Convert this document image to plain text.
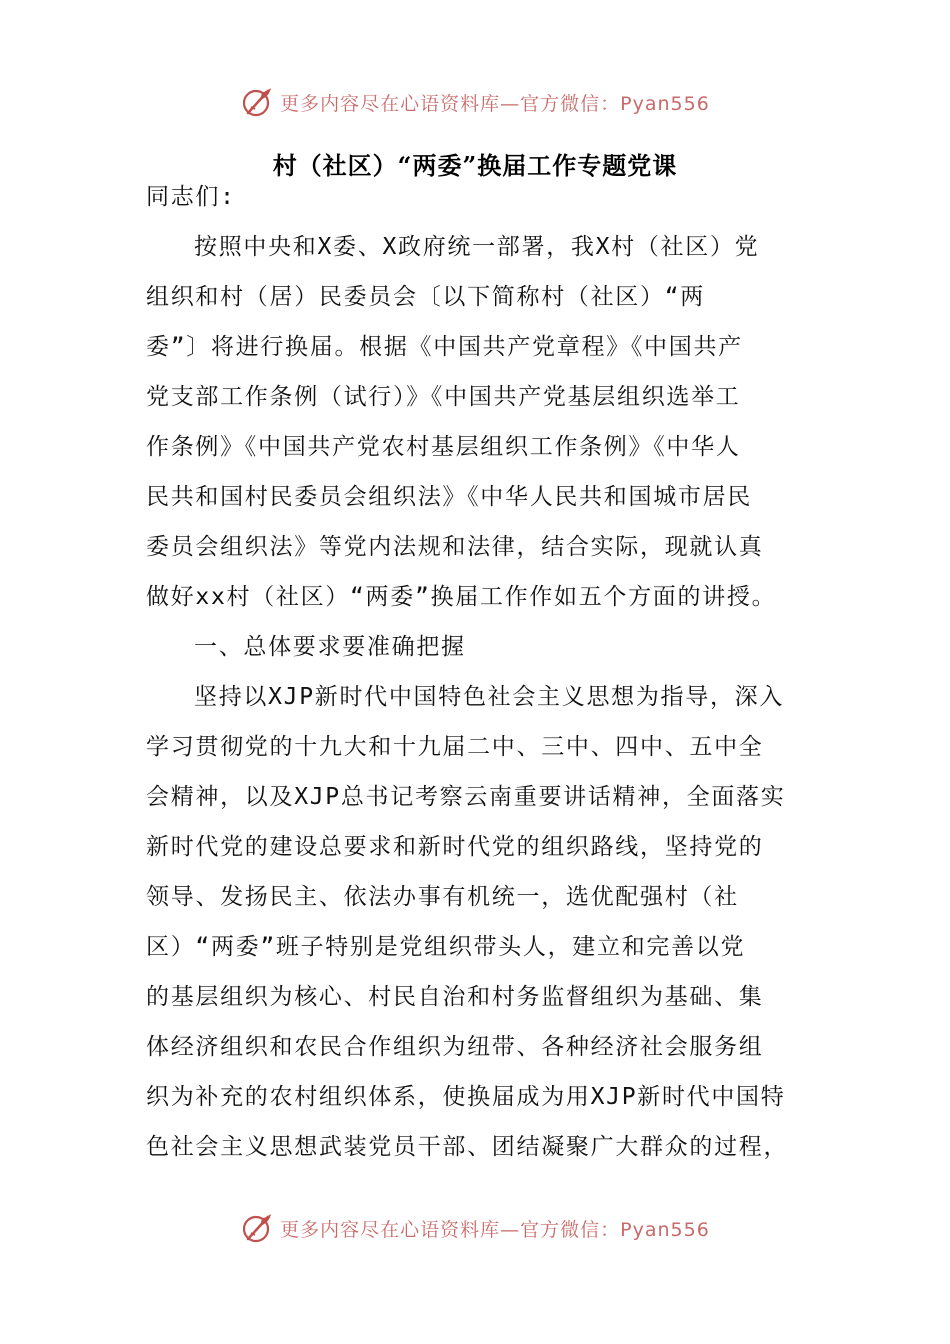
更多内容尽在心语资料库—官方微信：Pyan556
村（社区）“两委”换届工作专题党课
同志们:
按照中央和X委、X政府统一部署，我X村（社区）党
组织和村（居）民委员会〔以下简称村（社区）“两
委”〕将进行换届。根据《中国共产党章程》《中国共产
党支部工作条例（试行）》《中国共产党基层组织选举工
作条例》《中国共产党农村基层组织工作条例》《中华人
民共和国村民委员会组织法》《中华人民共和国城市居民
委员会组织法》等党内法规和法律，结合实际，现就认真
做好xx村（社区）“两委”换届工作作如五个方面的讲授。
一、总体要求要准确把握
坚持以XJP新时代中国特色社会主义思想为指导，深入
学习贯彻党的十九大和十九届二中、三中、四中、五中全
会精神，以及XJP总书记考察云南重要讲话精神，全面落实
新时代党的建设总要求和新时代党的组织路线，坚持党的
领导、发扬民主、依法办事有机统一，选优配强村（社
区）“两委”班子特别是党组织带头人，建立和完善以党
的基层组织为核心、村民自治和村务监督组织为基础、集
体经济组织和农民合作组织为纽带、各种经济社会服务组
织为补充的农村组织体系，使换届成为用XJP新时代中国特
色社会主义思想武装党员干部、团结凝聚广大群众的过程，
更多内容尽在心语资料库—官方微信：Pyan556
